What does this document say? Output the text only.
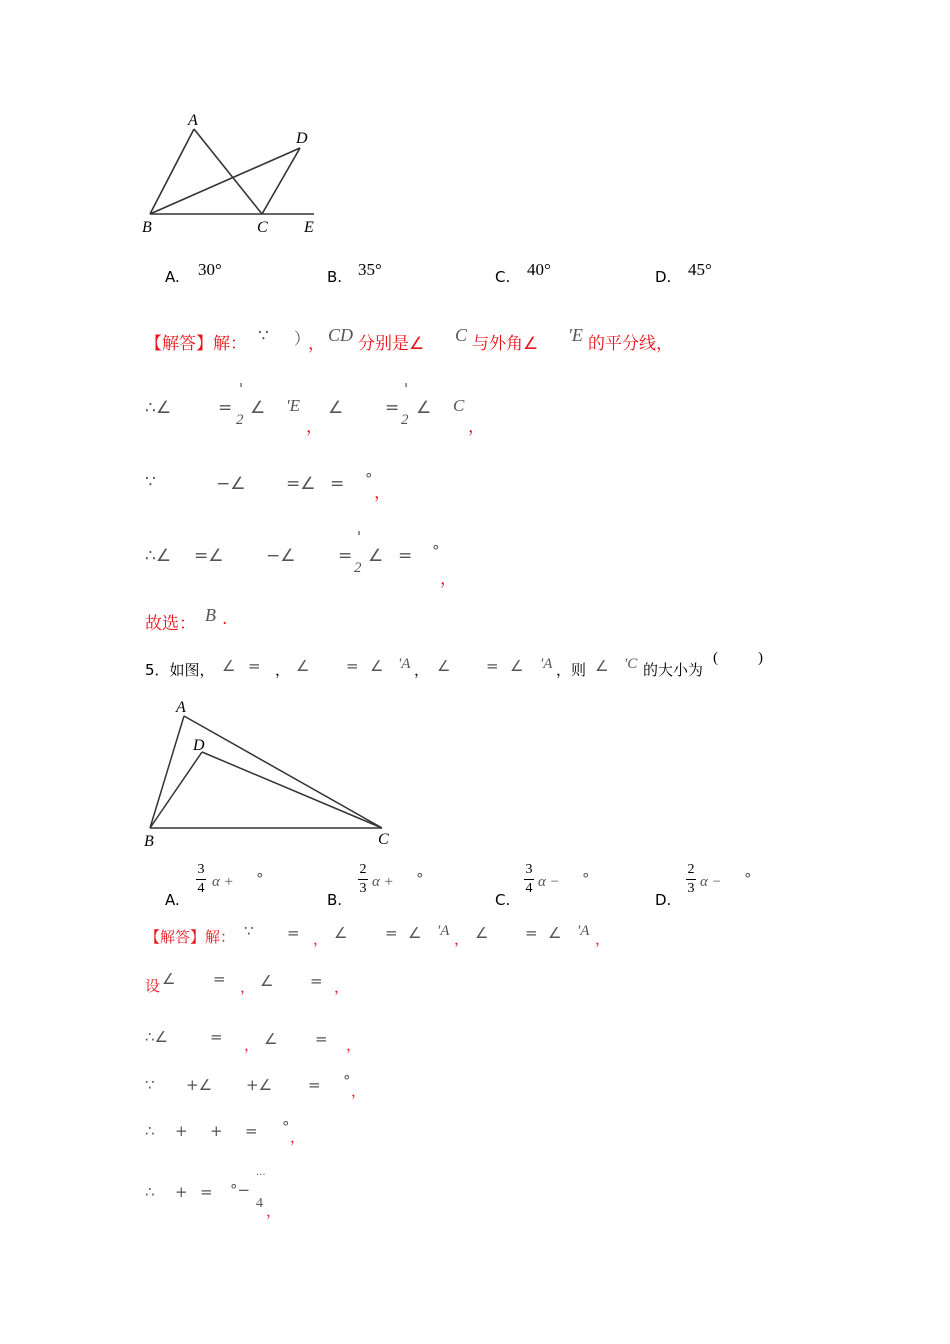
A
D
B	C E
A. 30°	B. 35°	C. 40°	D. 45°
【解答】解： ∵ ）
， CD 分别是∠ C 与外角∠ 'E 的平分线，
∴∠	=
'
2
∠ 'E
，
∠ =
'
2
∠ C
，
∵	−∠ =∠ = °
，
∴∠ =∠	−∠	=
'
2
∠ = °
，
故选： B .
5．如图， ∠ = ， ∠ = ∠ 'A ， ∠ = ∠ 'A ，则 ∠ 'C 的大小为
(	)
A
D
B	C
A.
3
4 α + °
B.
2
3 α + °
C.
3
4 α − °
D.
2
3 α − °
【解答】解： ∵ = ， ∠	= ∠ 'A ， ∠ = ∠ 'A ，
设 ∠	= ， ∠ = ，
∴∠	= ， ∠	= ，
∵ +∠ +∠ = °
，
∴ + + = °
，
∴ + = °−
...
4 ，
